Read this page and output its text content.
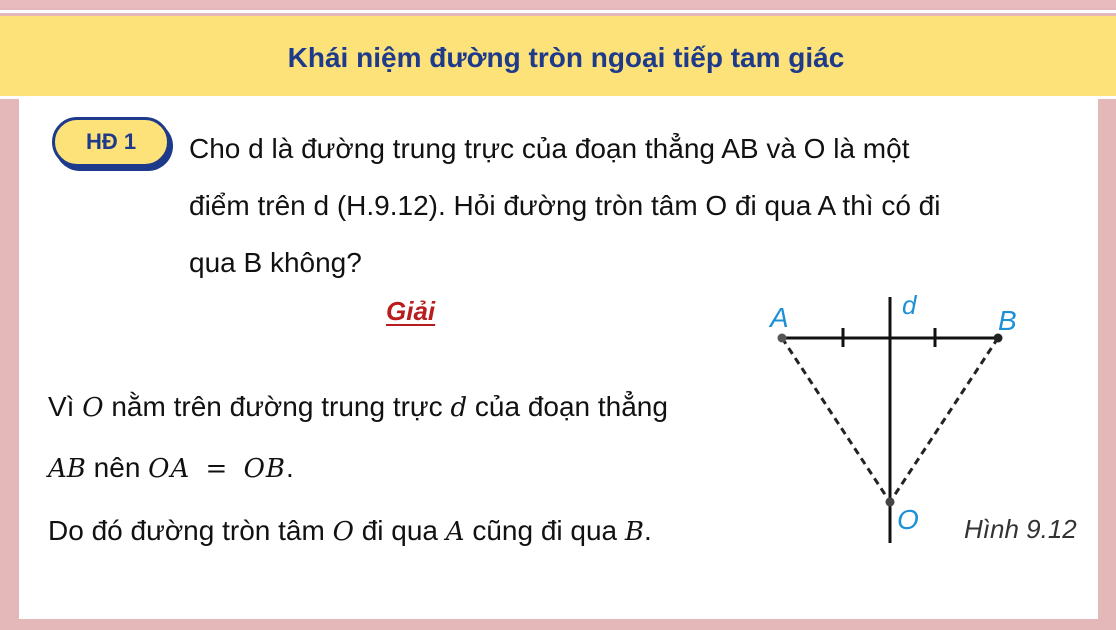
Khái niệm đường tròn ngoại tiếp tam giác
HĐ 1 Cho d là đường trung trực của đoạn thẳng AB và O là một
điểm trên d (H.9.12). Hỏi đường tròn tâm O đi qua A thì có đi
qua B không?
Giải
Vì O nằm trên đường trung trực d của đoạn thẳng
AB nên OA = OB.
Do đó đường tròn tâm O đi qua A cũng đi qua B.
A	B
O
d
Hình 9.12
